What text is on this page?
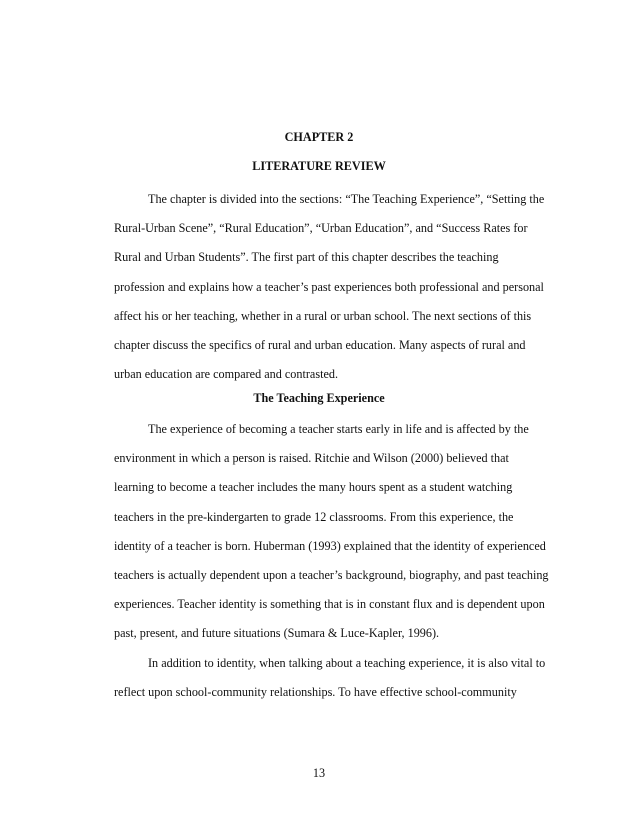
CHAPTER 2
LITERATURE REVIEW
The chapter is divided into the sections: “The Teaching Experience”, “Setting the
Rural-Urban Scene”, “Rural Education”, “Urban Education”, and “Success Rates for
Rural and Urban Students”. The first part of this chapter describes the teaching
profession and explains how a teacher’s past experiences both professional and personal
affect his or her teaching, whether in a rural or urban school. The next sections of this
chapter discuss the specifics of rural and urban education. Many aspects of rural and
urban education are compared and contrasted.
The Teaching Experience
The experience of becoming a teacher starts early in life and is affected by the
environment in which a person is raised. Ritchie and Wilson (2000) believed that
learning to become a teacher includes the many hours spent as a student watching
teachers in the pre-kindergarten to grade 12 classrooms. From this experience, the
identity of a teacher is born. Huberman (1993) explained that the identity of experienced
teachers is actually dependent upon a teacher’s background, biography, and past teaching
experiences. Teacher identity is something that is in constant flux and is dependent upon
past, present, and future situations (Sumara & Luce-Kapler, 1996).
In addition to identity, when talking about a teaching experience, it is also vital to
reflect upon school-community relationships. To have effective school-community
13
